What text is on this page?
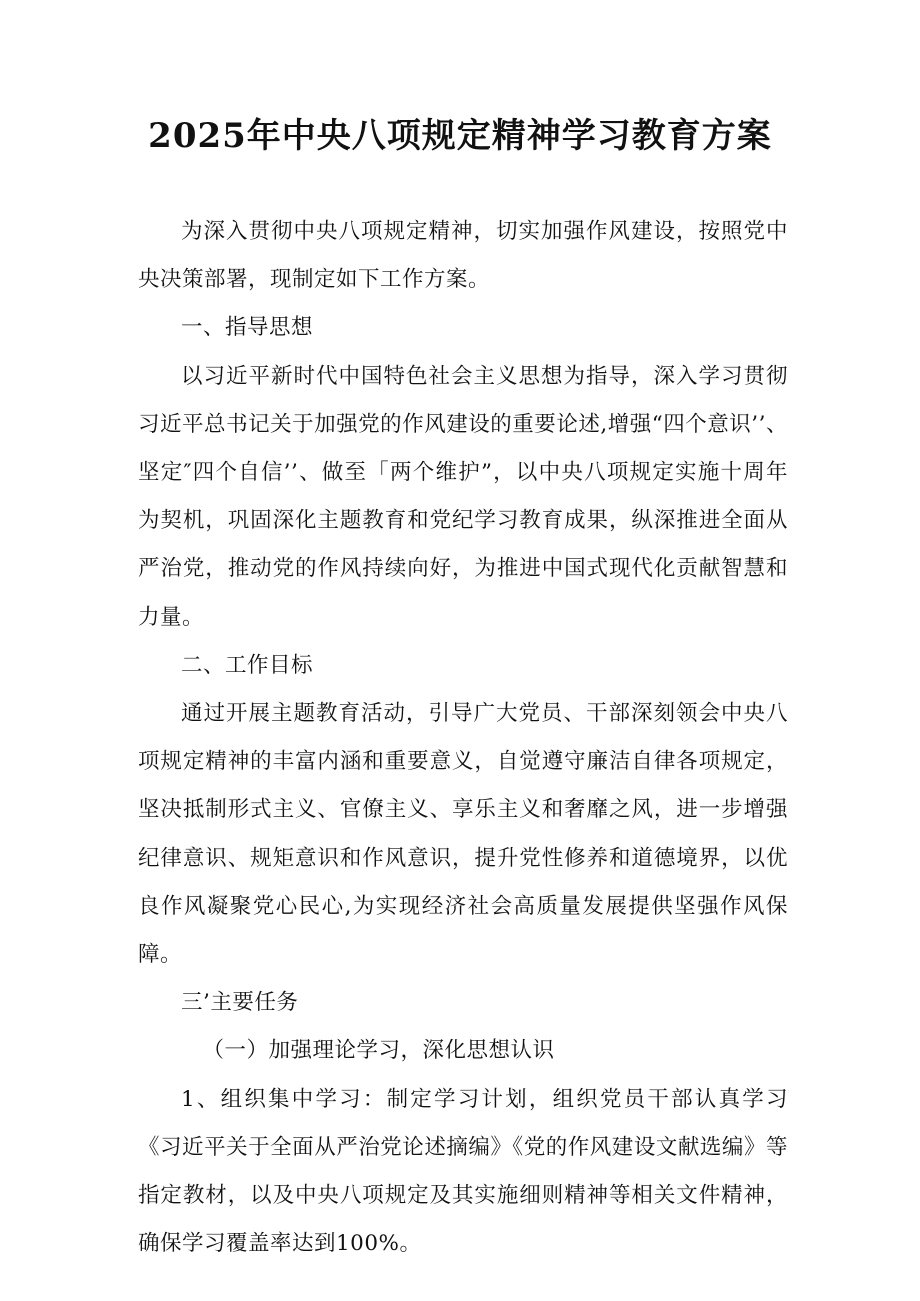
2025年中央八项规定精神学习教育方案

为深入贯彻中央八项规定精神，切实加强作风建设，按照党中央决策部署，现制定如下工作方案。

一、指导思想

以习近平新时代中国特色社会主义思想为指导，深入学习贯彻习近平总书记关于加强党的作风建设的重要论述,增强“四个意识’’、坚定″四个自信’’、做至「两个维护”，以中央八项规定实施十周年为契机，巩固深化主题教育和党纪学习教育成果，纵深推进全面从严治党，推动党的作风持续向好，为推进中国式现代化贡献智慧和力量。

二、工作目标

通过开展主题教育活动，引导广大党员、干部深刻领会中央八项规定精神的丰富内涵和重要意义，自觉遵守廉洁自律各项规定，坚决抵制形式主义、官僚主义、享乐主义和奢靡之风，进一步增强纪律意识、规矩意识和作风意识，提升党性修养和道德境界，以优良作风凝聚党心民心,为实现经济社会高质量发展提供坚强作风保障。

三’主要任务

（一）加强理论学习，深化思想认识

1、组织集中学习：制定学习计划，组织党员干部认真学习《习近平关于全面从严治党论述摘编》《党的作风建设文献选编》等指定教材，以及中央八项规定及其实施细则精神等相关文件精神，确保学习覆盖率达到100%。
